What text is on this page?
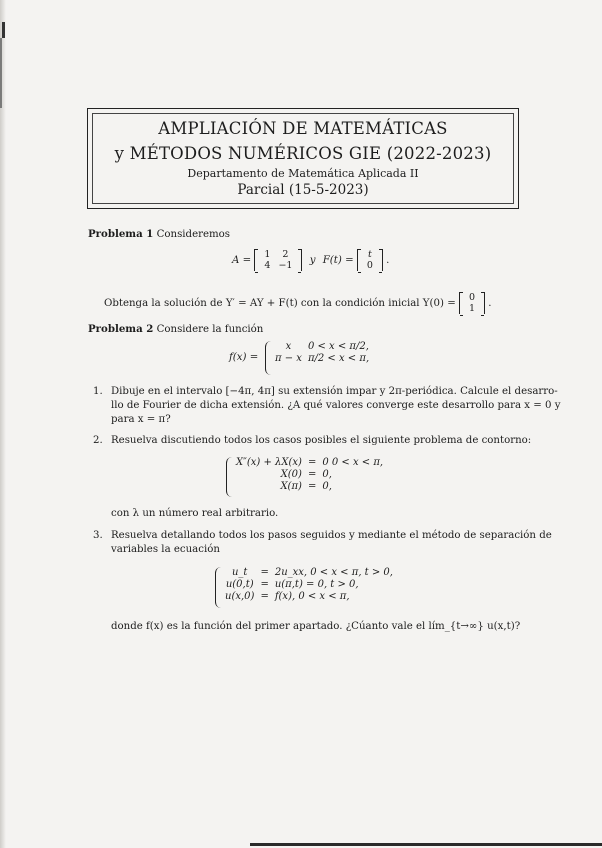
AMPLIACIÓN DE MATEMÁTICAS
y MÉTODOS NUMÉRICOS GIE (2022-2023)
Departamento de Matemática Aplicada II
Parcial (15-5-2023)
Problema 1 Consideremos
A =
1	2
4	−1 y F(t) =
t
0 .
Obtenga la solución de Y′ = AY + F(t) con la condición inicial Y(0) =
0
1 .
Problema 2 Considere la función
f(x) =
x	0 < x < π/2,
π − x	π/2 < x < π,
1. Dibuje en el intervalo [−4π, 4π] su extensión impar y 2π-periódica. Calcule el desarro-
llo de Fourier de dicha extensión. ¿A qué valores converge este desarrollo para x = 0 y
para x = π?
2. Resuelva discutiendo todos los casos posibles el siguiente problema de contorno:
X″(x) + λX(x)	=	0 0 < x < π,
X(0)	=	0,
X(π)	=	0,
con λ un número real arbitrario.
3. Resuelva detallando todos los pasos seguidos y mediante el método de separación de
variables la ecuación
u_t	=	2u_xx, 0 < x < π, t > 0,
u(0,t)	=	u(π,t) = 0, t > 0,
u(x,0)	=	f(x), 0 < x < π,
donde f(x) es la función del primer apartado. ¿Cúanto vale el lím_{t→∞} u(x,t)?
